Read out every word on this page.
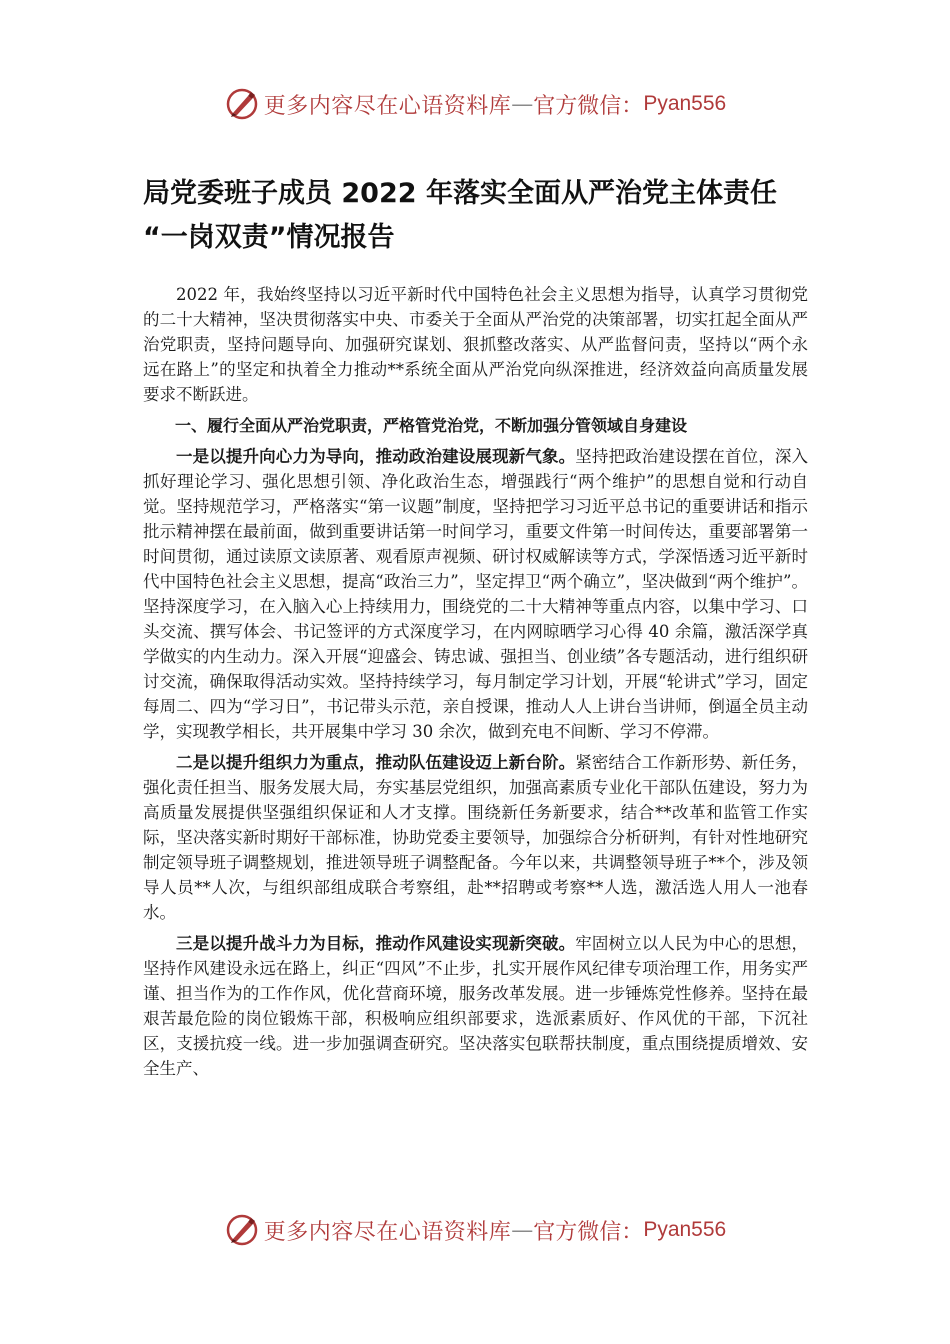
更多内容尽在心语资料库 — 官方微信： Pyan556
局党委班子成员 2022 年落实全面从严治党主体责任
“一岗双责”情况报告

2022 年，我始终坚持以习近平新时代中国特色社会主义思想为指导，认真学习贯彻党的二十大精神，坚决贯彻落实中央、市委关于全面从严治党的决策部署，切实扛起全面从严治党职责，坚持问题导向、加强研究谋划、狠抓整改落实、从严监督问责，坚持以“两个永远在路上”的坚定和执着全力推动**系统全面从严治党向纵深推进，经济效益向高质量发展要求不断跃进。

一、履行全面从严治党职责，严格管党治党，不断加强分管领域自身建设

一是以提升向心力为导向，推动政治建设展现新气象。坚持把政治建设摆在首位，深入抓好理论学习、强化思想引领、净化政治生态，增强践行“两个维护”的思想自觉和行动自觉。坚持规范学习，严格落实“第一议题”制度，坚持把学习习近平总书记的重要讲话和指示批示精神摆在最前面，做到重要讲话第一时间学习，重要文件第一时间传达，重要部署第一时间贯彻，通过读原文读原著、观看原声视频、研讨权威解读等方式，学深悟透习近平新时代中国特色社会主义思想，提高“政治三力”，坚定捍卫“两个确立”，坚决做到“两个维护”。坚持深度学习，在入脑入心上持续用力，围绕党的二十大精神等重点内容，以集中学习、口头交流、撰写体会、书记签评的方式深度学习，在内网晾晒学习心得 40 余篇，激活深学真学做实的内生动力。深入开展“迎盛会、铸忠诚、强担当、创业绩”各专题活动，进行组织研讨交流，确保取得活动实效。坚持持续学习，每月制定学习计划，开展“轮讲式”学习，固定每周二、四为“学习日”，书记带头示范，亲自授课，推动人人上讲台当讲师，倒逼全员主动学，实现教学相长，共开展集中学习 30 余次，做到充电不间断、学习不停滞。

二是以提升组织力为重点，推动队伍建设迈上新台阶。紧密结合工作新形势、新任务，强化责任担当、服务发展大局，夯实基层党组织，加强高素质专业化干部队伍建设，努力为高质量发展提供坚强组织保证和人才支撑。围绕新任务新要求，结合**改革和监管工作实际，坚决落实新时期好干部标准，协助党委主要领导，加强综合分析研判，有针对性地研究制定领导班子调整规划，推进领导班子调整配备。今年以来，共调整领导班子**个，涉及领导人员**人次，与组织部组成联合考察组，赴**招聘或考察**人选，激活选人用人一池春水。

三是以提升战斗力为目标，推动作风建设实现新突破。牢固树立以人民为中心的思想，坚持作风建设永远在路上，纠正“四风”不止步，扎实开展作风纪律专项治理工作，用务实严谨、担当作为的工作作风，优化营商环境，服务改革发展。进一步锤炼党性修养。坚持在最艰苦最危险的岗位锻炼干部，积极响应组织部要求，选派素质好、作风优的干部，下沉社区，支援抗疫一线。进一步加强调查研究。坚决落实包联帮扶制度，重点围绕提质增效、安全生产、

更多内容尽在心语资料库 — 官方微信： Pyan556
